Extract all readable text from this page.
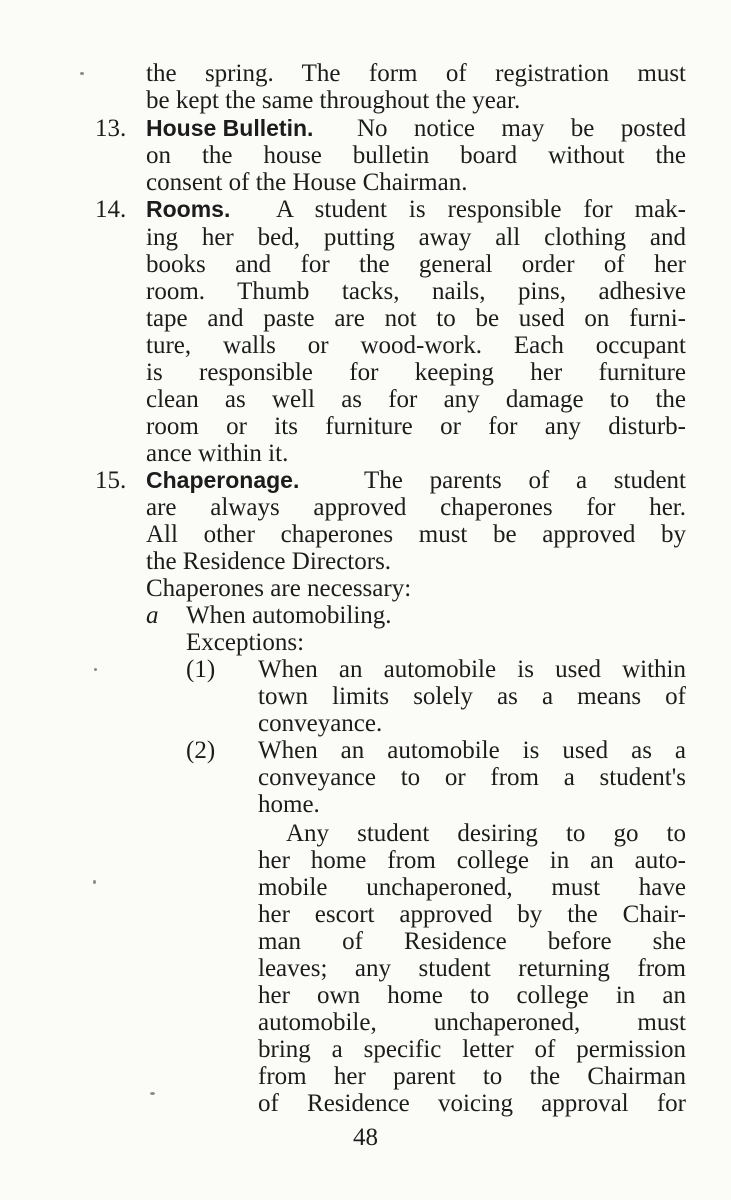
the spring. The form of registration must
be kept the same throughout the year.
13. House Bulletin. No notice may be posted
on the house bulletin board without the
consent of the House Chairman.
14. Rooms. A student is responsible for mak-
ing her bed, putting away all clothing and
books and for the general order of her
room. Thumb tacks, nails, pins, adhesive
tape and paste are not to be used on furni-
ture, walls or wood-work. Each occupant
is responsible for keeping her furniture
clean as well as for any damage to the
room or its furniture or for any disturb-
ance within it.
15. Chaperonage.	The parents of a student
are always approved chaperones for her.
All other chaperones must be approved by
the Residence Directors.
Chaperones are necessary:
a When automobiling.
Exceptions:
(1) When an automobile is used within
town limits solely as a means of
conveyance.
(2) When an automobile is used as a
conveyance to or from a student's
home.
Any student desiring to go to
her home from college in an auto-
mobile unchaperoned, must have
her escort approved by the Chair-
man of Residence before she
leaves; any student returning from
her own home to college in an
automobile, unchaperoned, must
bring a specific letter of permission
from her parent to the Chairman
of Residence voicing approval for
48
